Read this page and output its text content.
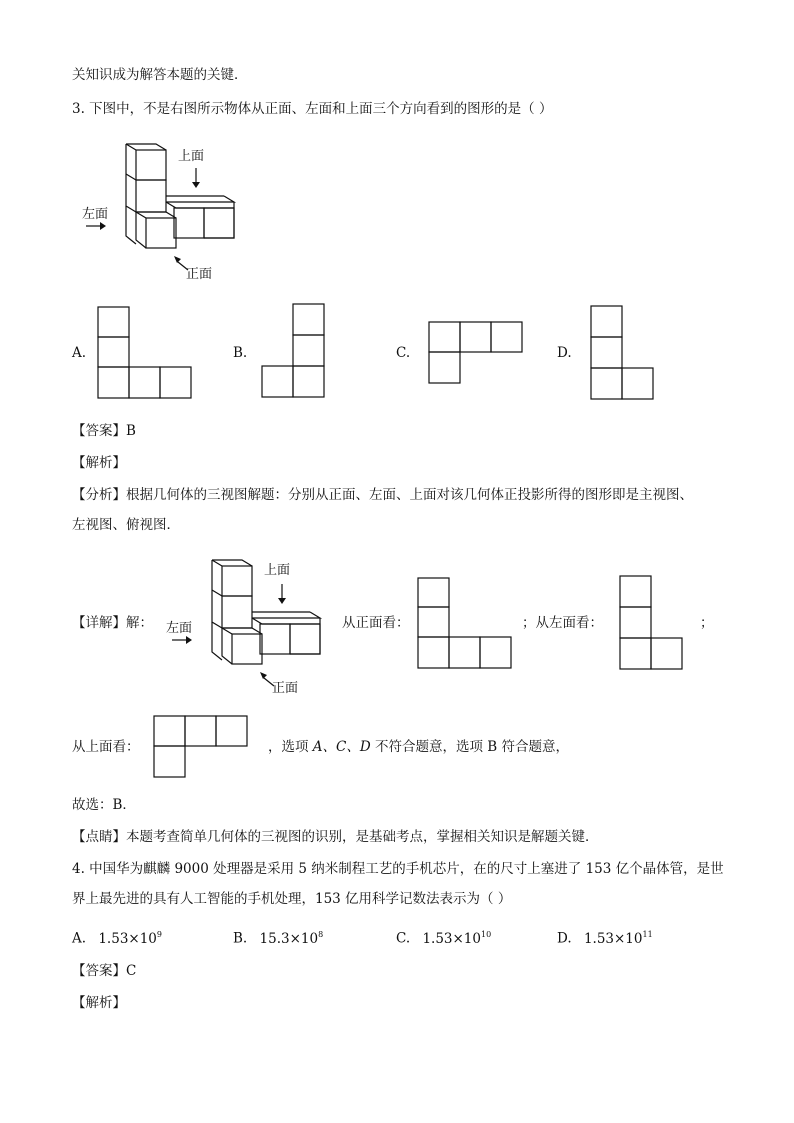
关知识成为解答本题的关键．
3. 下图中，不是右图所示物体从正面、左面和上面三个方向看到的图形的是（ ）
上面
左面
正面
A.	B.	C.	D.
【答案】B
【解析】
【分析】根据几何体的三视图解题：分别从正面、左面、上面对该几何体正投影所得的图形即是主视图、
左视图、俯视图．
【详解】解：
上面
左面
正面
从正面看：	；从左面看：	；
从上面看：	，选项 A、C、D 不符合题意，选项 B 符合题意，
故选：B．
【点睛】本题考查简单几何体的三视图的识别，是基础考点，掌握相关知识是解题关键．
4. 中国华为麒麟 9000 处理器是采用 5 纳米制程工艺的手机芯片，在的尺寸上塞进了 153 亿个晶体管，是世
界上最先进的具有人工智能的手机处理，153 亿用科学记数法表示为（ ）
A. $1.53\times 10^9$	B. $15.3\times 10^8$	C. $1.53\times 10^{10}$	D. $1.53\times 10^{11}$
【答案】C
【解析】
